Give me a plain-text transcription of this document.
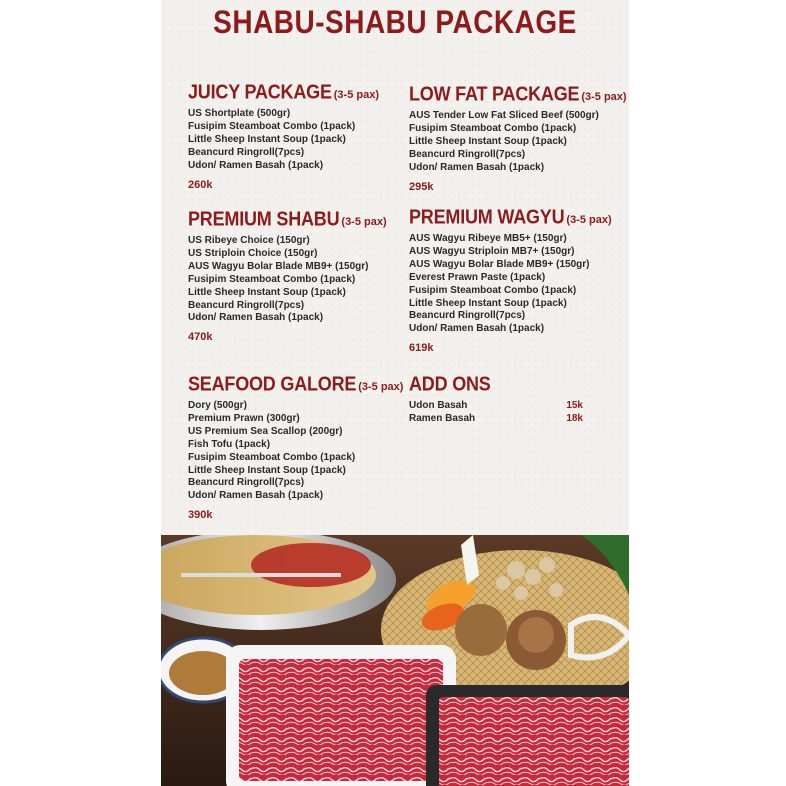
SHABU-SHABU PACKAGE
JUICY PACKAGE (3-5 pax)
US Shortplate (500gr)
Fusipim Steamboat Combo (1pack)
Little Sheep Instant Soup (1pack)
Beancurd Ringroll(7pcs)
Udon/ Ramen Basah (1pack)
260k
LOW FAT PACKAGE (3-5 pax)
AUS Tender Low Fat Sliced Beef (500gr)
Fusipim Steamboat Combo (1pack)
Little Sheep Instant Soup (1pack)
Beancurd Ringroll(7pcs)
Udon/ Ramen Basah (1pack)
295k
PREMIUM SHABU (3-5 pax)
US Ribeye Choice (150gr)
US Striploin Choice (150gr)
AUS Wagyu Bolar Blade MB9+ (150gr)
Fusipim Steamboat Combo (1pack)
Little Sheep Instant Soup (1pack)
Beancurd Ringroll(7pcs)
Udon/ Ramen Basah (1pack)
470k
PREMIUM WAGYU (3-5 pax)
AUS Wagyu Ribeye MB5+ (150gr)
AUS Wagyu Striploin MB7+ (150gr)
AUS Wagyu Bolar Blade MB9+ (150gr)
Everest Prawn Paste (1pack)
Fusipim Steamboat Combo (1pack)
Little Sheep Instant Soup (1pack)
Beancurd Ringroll(7pcs)
Udon/ Ramen Basah (1pack)
619k
SEAFOOD GALORE (3-5 pax)
Dory (500gr)
Premium Prawn (300gr)
US Premium Sea Scallop (200gr)
Fish Tofu (1pack)
Fusipim Steamboat Combo (1pack)
Little Sheep Instant Soup (1pack)
Beancurd Ringroll(7pcs)
Udon/ Ramen Basah (1pack)
390k
ADD ONS
Udon Basah	15k
Ramen Basah	18k
